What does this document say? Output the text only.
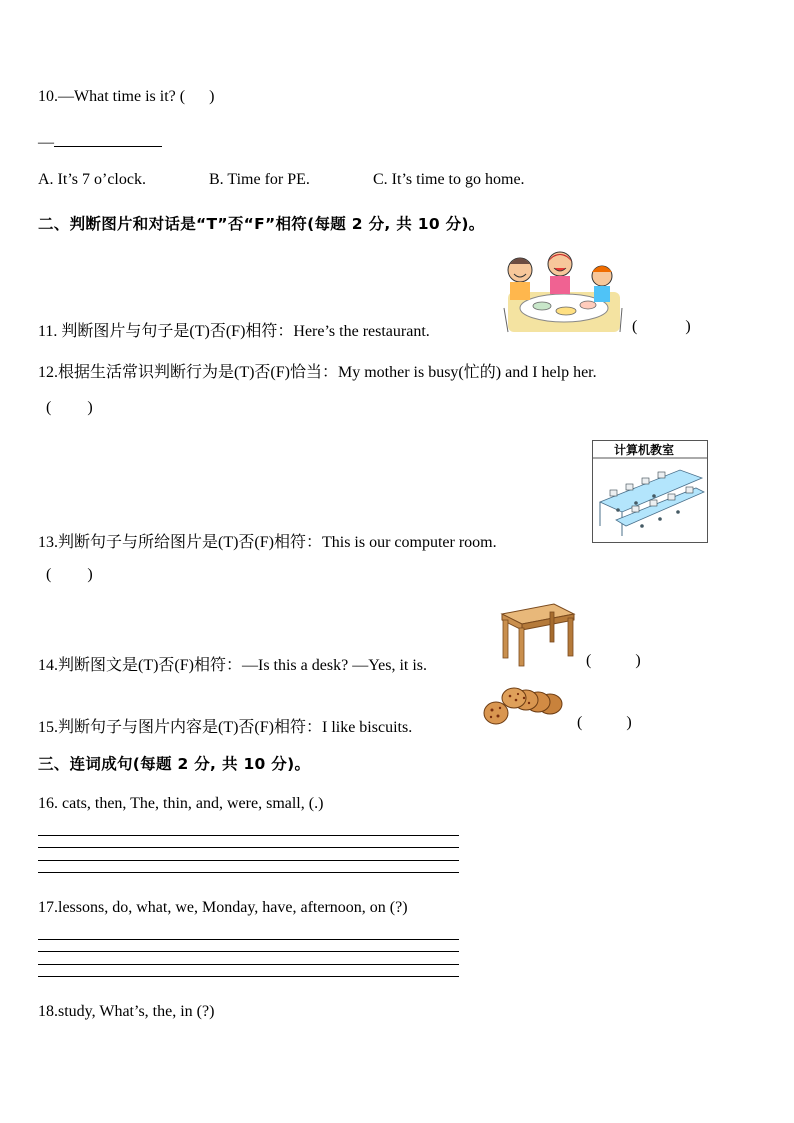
10.—What time is it? (      )
—
A. It’s 7 o’clock.	B. Time for PE.	C. It’s time to go home.
二、判断图片和对话是“T”否“F”相符(每题 2 分, 共 10 分)。
11. 判断图片与句子是(T)否(F)相符：Here’s the restaurant.	(            )
12.根据生活常识判断行为是(T)否(F)恰当：My mother is busy(忙的) and I help her.
(         )
13.判断句子与所给图片是(T)否(F)相符：This is our computer room.
计算机教室
(         )
14.判断图文是(T)否(F)相符：—Is this a desk? —Yes, it is.	(           )
15.判断句子与图片内容是(T)否(F)相符：I like biscuits.	(           )
三、连词成句(每题 2 分, 共 10 分)。
16. cats, then, The, thin, and, were, small, (.)
17.lessons, do, what, we, Monday, have, afternoon, on (?)
18.study, What’s, the, in (?)
